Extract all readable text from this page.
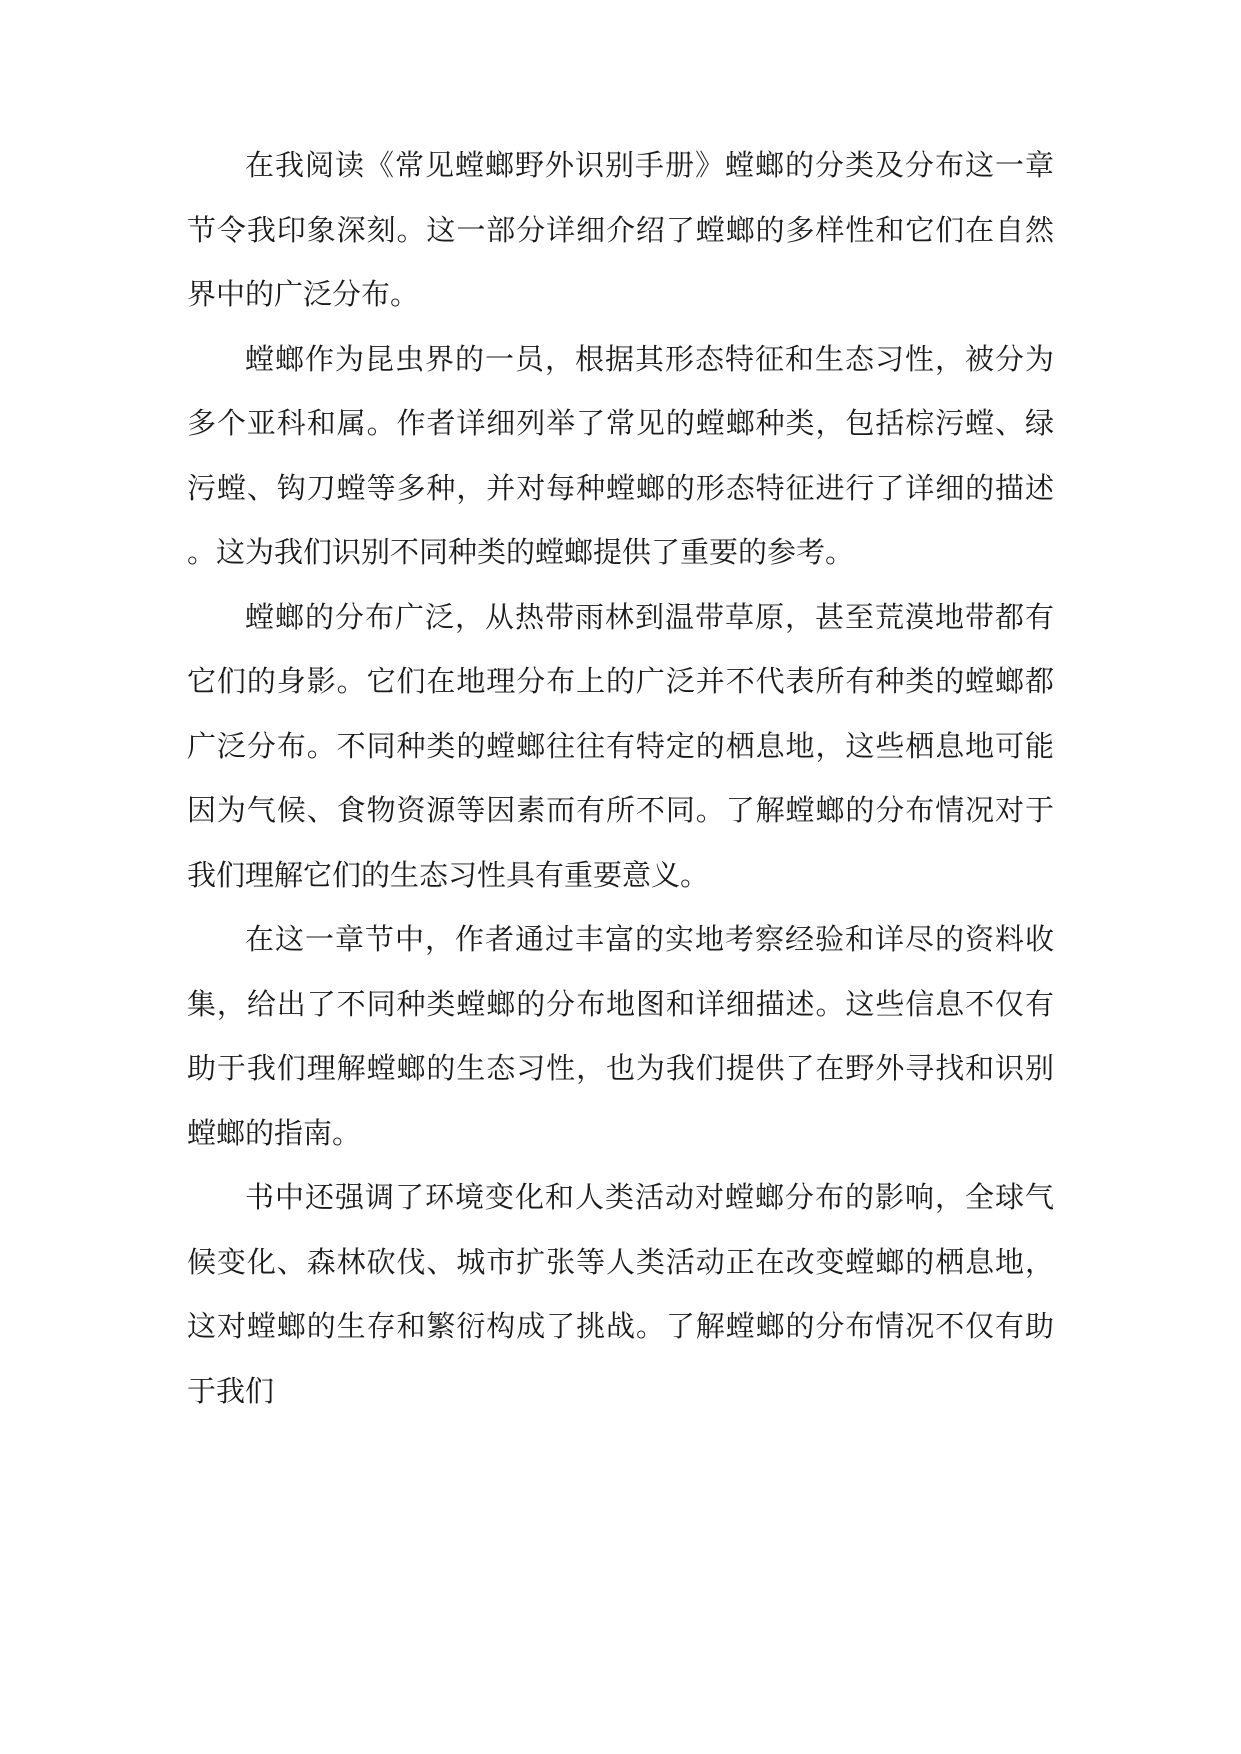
在我阅读《常见螳螂野外识别手册》螳螂的分类及分布这一章节令我印象深刻。这一部分详细介绍了螳螂的多样性和它们在自然界中的广泛分布。

螳螂作为昆虫界的一员，根据其形态特征和生态习性，被分为多个亚科和属。作者详细列举了常见的螳螂种类，包括棕污螳、绿污螳、钩刀螳等多种，并对每种螳螂的形态特征进行了详细的描述。这为我们识别不同种类的螳螂提供了重要的参考。

螳螂的分布广泛，从热带雨林到温带草原，甚至荒漠地带都有它们的身影。它们在地理分布上的广泛并不代表所有种类的螳螂都广泛分布。不同种类的螳螂往往有特定的栖息地，这些栖息地可能因为气候、食物资源等因素而有所不同。了解螳螂的分布情况对于我们理解它们的生态习性具有重要意义。

在这一章节中，作者通过丰富的实地考察经验和详尽的资料收集，给出了不同种类螳螂的分布地图和详细描述。这些信息不仅有助于我们理解螳螂的生态习性，也为我们提供了在野外寻找和识别螳螂的指南。

书中还强调了环境变化和人类活动对螳螂分布的影响，全球气候变化、森林砍伐、城市扩张等人类活动正在改变螳螂的栖息地，这对螳螂的生存和繁衍构成了挑战。了解螳螂的分布情况不仅有助于我们
